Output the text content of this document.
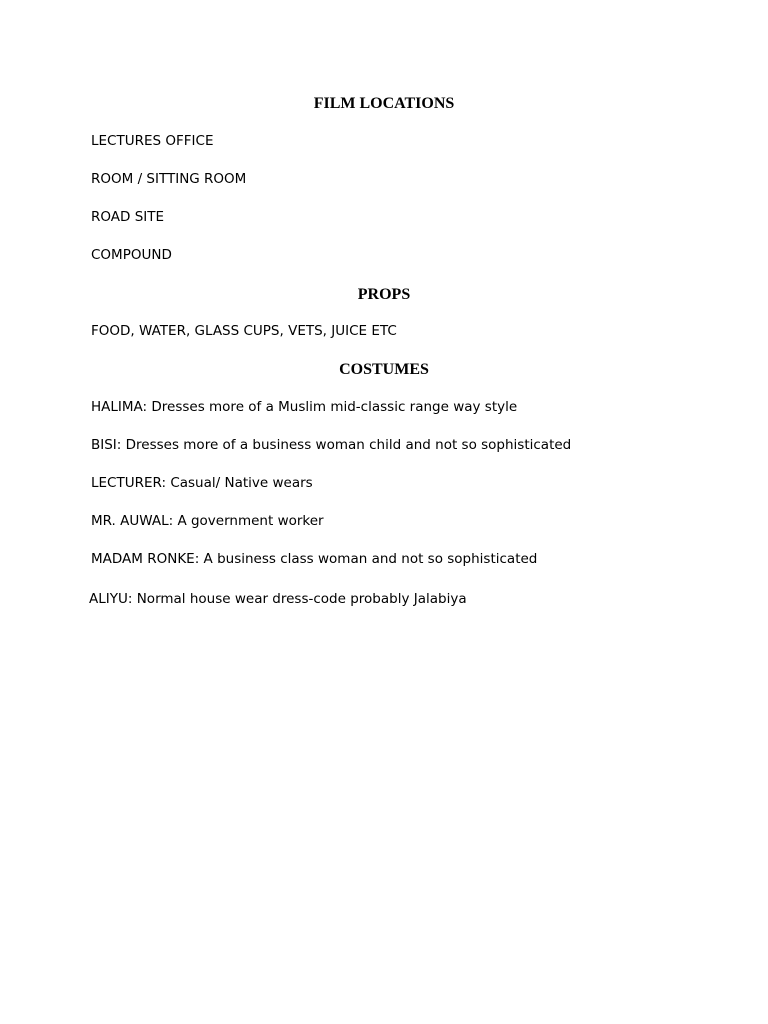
FILM LOCATIONS

LECTURES OFFICE

ROOM / SITTING ROOM

ROAD SITE

COMPOUND

PROPS

FOOD, WATER, GLASS CUPS, VETS, JUICE ETC

COSTUMES

HALIMA: Dresses more of a Muslim mid-classic range way style

BISI: Dresses more of a business woman child and not so sophisticated

LECTURER: Casual/ Native wears

MR. AUWAL: A government worker

MADAM RONKE: A business class woman and not so sophisticated

ALIYU: Normal house wear dress-code probably Jalabiya
